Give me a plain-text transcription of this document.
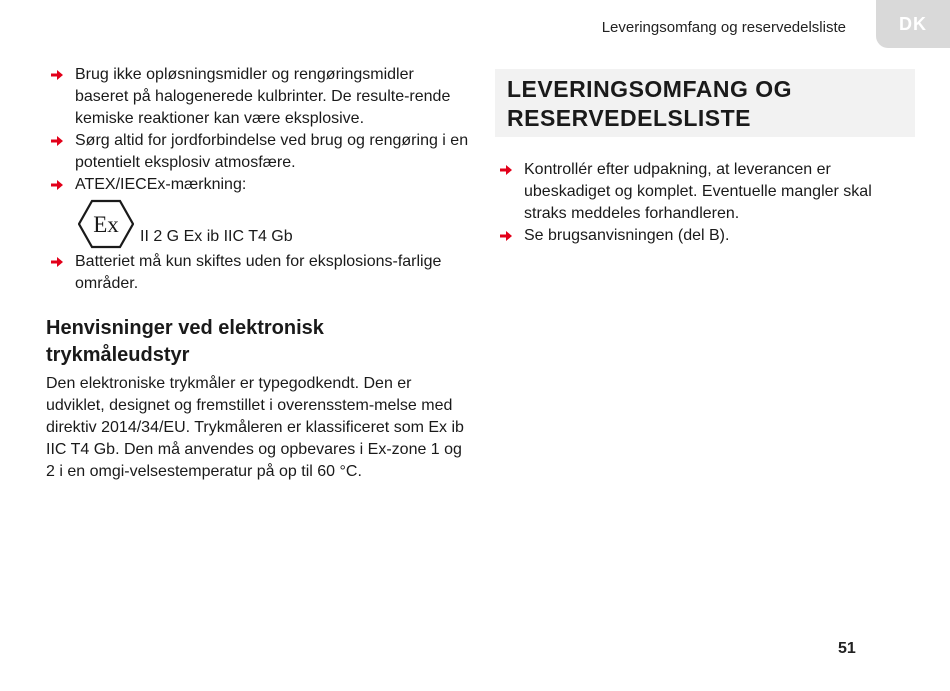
Leveringsomfang og reservedelsliste	DK
Brug ikke opløsningsmidler og rengøringsmidler baseret på halogenerede kulbrinter. De resulte-rende kemiske reaktioner kan være eksplosive.
Sørg altid for jordforbindelse ved brug og rengøring i en potentielt eksplosiv atmosfære.
ATEX/IECEx-mærkning:
Ex II 2 G Ex ib IIC T4 Gb
Batteriet må kun skiftes uden for eksplosions-farlige områder.
Henvisninger ved elektronisk trykmåleudstyr
Den elektroniske trykmåler er typegodkendt. Den er udviklet, designet og fremstillet i overensstem-melse med direktiv 2014/34/EU. Trykmåleren er klassificeret som Ex ib IIC T4 Gb. Den må anvendes og opbevares i Ex-zone 1 og 2 i en omgi-velsestemperatur på op til 60 °C.
LEVERINGSOMFANG OG
RESERVEDELSLISTE
Kontrollér efter udpakning, at leverancen er ubeskadiget og komplet. Eventuelle mangler skal straks meddeles forhandleren.
Se brugsanvisningen (del B).
51
